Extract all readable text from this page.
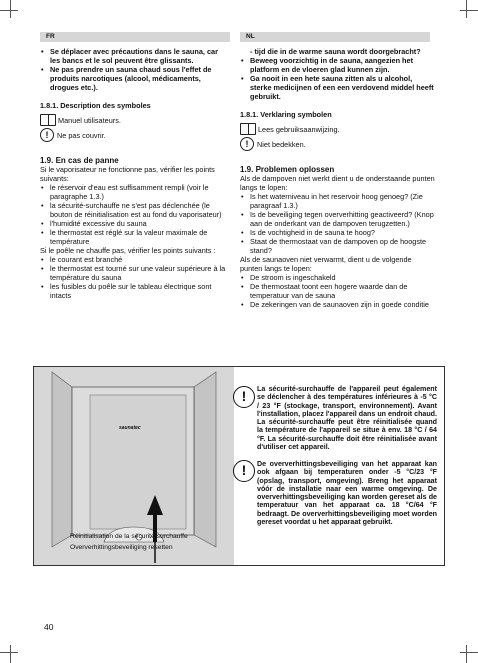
FR	NL
• Se déplacer avec précautions dans le sauna, car les bancs et le sol peuvent être glissants.
• Ne pas prendre un sauna chaud sous l'effet de produits narcotiques (alcool, médicaments, drogues etc.).

1.8.1. Description des symboles

Manuel utilisateurs.
!	Ne pas couvrir.

1.9. En cas de panne

Si le vaporisateur ne fonctionne pas, vérifier les points suivants:

• le réservoir d'eau est suffisamment rempli (voir le paragraphe 1.3.)
• la sécurité-surchauffe ne s'est pas déclenchée (le bouton de réinitialisation est au fond du vaporisateur)
• l'humidité excessive du sauna
• le thermostat est réglé sur la valeur maximale de température

Si le poêle ne chauffe pas, vérifier les points suivants :

• le courant est branché
• le thermostat est tourné sur une valeur supérieure à la température du sauna
• les fusibles du poêle sur le tableau électrique sont intacts

- tijd die in de warme sauna wordt doorgebracht?

• Beweeg voorzichtig in de sauna, aangezien het platform en de vloeren glad kunnen zijn.
• Ga nooit in een hete sauna zitten als u alcohol, sterke medicijnen of een een verdovend middel heeft gebruikt.

1.8.1. Verklaring symbolen

Lees gebruiksaanwijzing.
!	Niet bedekken.

1.9. Problemen oplossen

Als de dampoven niet werkt dient u de onderstaande punten langs te lopen:

• Is het waterniveau in het reservoir hoog genoeg? (Zie paragraaf 1.3.)
• Is de beveiliging tegen oververhitting geactiveerd? (Knop aan de onderkant van de dampoven terugzetten.)
• Is de vochtigheid in de sauna te hoog?
• Staat de thermostaat van de dampoven op de hoogste stand?

Als de saunaoven niet verwarmt, dient u de volgende punten langs te lopen:

• De stroom is ingeschakeld
• De thermostaat toont een hogere waarde dan de temperatuur van de sauna
• De zekeringen van de saunaoven zijn in goede conditie
saunatec
!	La sécurité-surchauffe de l'appareil peut également se déclencher à des températures inférieures à -5 °C / 23 °F (stockage, transport, environnement). Avant l'installation, placez l'appareil dans un endroit chaud. La sécurité-surchauffe peut être réinitialisée quand la température de l'appareil se situe à env. 18 °C / 64 °F. La sécurité-surchauffe doit être réinitialisée avant d'utiliser cet appareil.
!	De oververhittingsbeveiliging van het apparaat kan ook afgaan bij temperaturen onder -5 °C/23 °F (opslag, transport, omgeving). Breng het apparaat vóór de installatie naar een warme omgeving. De oververhittingsbeveiliging kan worden gereset als de temperatuur van het apparaat ca. 18 °C/64 °F bedraagt. De oververhittingsbeveiliging moet worden gereset voordat u het apparaat gebruikt.
Réinitialisation de la sécurité surchauffe
Oververhittingsbeveiliging resetten
40
